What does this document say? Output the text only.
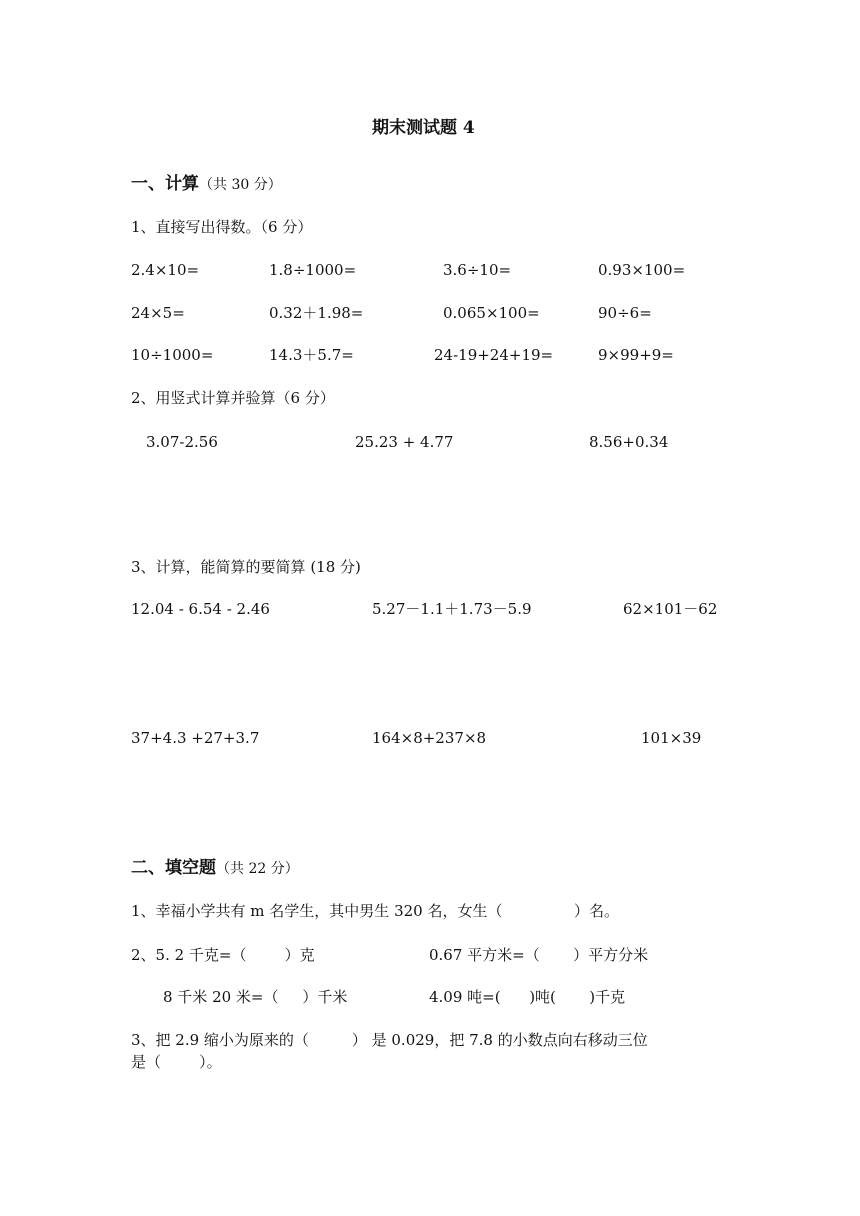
期末测试题 4
一、计算（共 30 分）
1、直接写出得数。（6 分）
2.4×10=	1.8÷1000=	3.6÷10=	0.93×100=
24×5=	0.32＋1.98=	0.065×100=	90÷6=
10÷1000=	14.3＋5.7=	24-19+24+19=	9×99+9=
2、用竖式计算并验算（6 分）
3.07-2.56	25.23 + 4.77	8.56+0.34
3、计算，能简算的要简算 (18 分)
12.04 - 6.54 - 2.46	5.27－1.1＋1.73－5.9	62×101－62
37+4.3 +27+3.7	164×8+237×8	101×39
二、填空题（共 22 分）
1、幸福小学共有 m 名学生，其中男生 320 名，女生（               ）名。
2、5. 2 千克=（        ）克	0.67 平方米=（       ）平方分米
8 千米 20 米=（     ）千米	4.09 吨=(      )吨(       )千克
3、把 2.9 缩小为原来的（         ） 是 0.029，把 7.8 的小数点向右移动三位
是（        ）。
